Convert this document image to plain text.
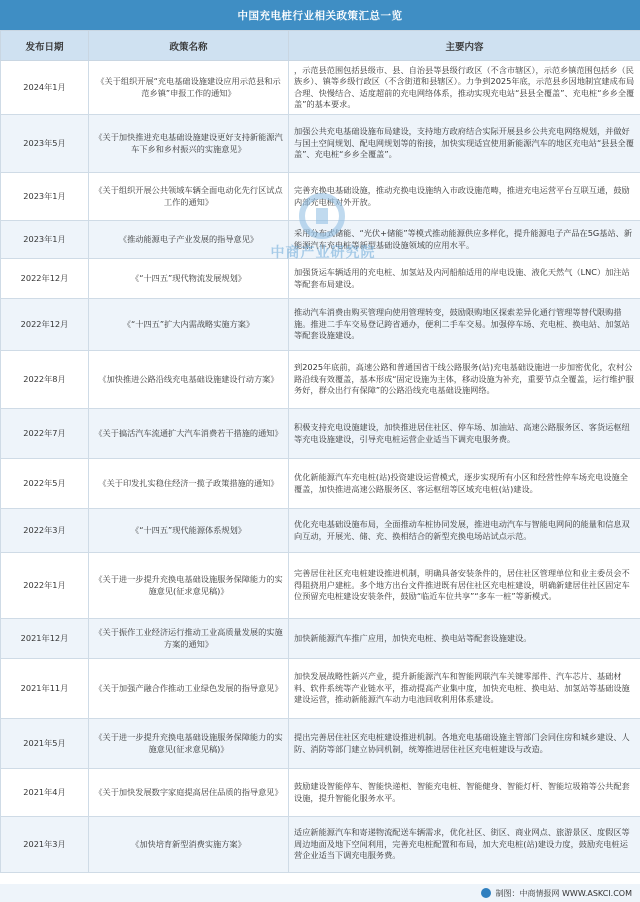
中国充电桩行业相关政策汇总一览
发布日期	政策名称	主要内容
2024年1月	《关于组织开展“充电基础设施建设应用示范县和示范乡镇”申报工作的通知》	，示范县范围包括县级市、县、自治县等县级行政区（不含市辖区），示范乡镇范围包括乡（民族乡）、镇等乡级行政区（不含街道和县辖区）。力争到2025年底，示范县乡因地制宜建成布局合理、快慢结合、适度超前的充电网络体系，推动实现充电站“县县全覆盖”、充电桩“乡乡全覆盖”的基本要求。
2023年5月	《关于加快推进充电基础设施建设更好支持新能源汽车下乡和乡村振兴的实施意见》	加强公共充电基础设施布局建设，支持地方政府结合实际开展县乡公共充电网络规划，并做好与国土空间规划、配电网规划等的衔接，加快实现适宜使用新能源汽车的地区充电站“县县全覆盖”、充电桩“乡乡全覆盖”。
2023年1月	《关于组织开展公共领域车辆全面电动化先行区试点工作的通知》	完善充换电基础设施，推动充换电设施纳入市政设施范畴，推进充电运营平台互联互通，鼓励内部充电桩对外开放。
2023年1月	《推动能源电子产业发展的指导意见》	采用分布式储能、“光伏+储能”等模式推动能源供应多样化，提升能源电子产品在5G基站、新能源汽车充电桩等新型基础设施领域的应用水平。
2022年12月	《“十四五”现代物流发展规划》	加强货运车辆适用的充电桩、加氢站及内河船舶适用的岸电设施、液化天然气（LNC）加注站等配套布局建设。
2022年12月	《“十四五”扩大内需战略实施方案》	推动汽车消费由购买管理向使用管理转变，鼓励限购地区探索差异化通行管理等替代限购措施。推进二手车交易登记跨省通办，便利二手车交易。加强停车场、充电桩、换电站、加氢站等配套设施建设。
2022年8月	《加快推进公路沿线充电基础设施建设行动方案》	到2025年底前，高速公路和普通国省干线公路服务(站)充电基础设施进一步加密优化，农村公路沿线有效覆盖，基本形成“固定设施为主体，移动设施为补充，重要节点全覆盖，运行维护服务好，群众出行有保障”的公路沿线充电基础设施网络。
2022年7月	《关于搞活汽车流通扩大汽车消费若干措施的通知》	积极支持充电设施建设，加快推进居住社区、停车场、加油站、高速公路服务区、客货运枢纽等充电设施建设，引导充电桩运营企业适当下调充电服务费。
2022年5月	《关于印发扎实稳住经济一揽子政策措施的通知》	优化新能源汽车充电桩(站)投资建设运营模式，逐步实现所有小区和经营性停车场充电设施全覆盖，加快推进高速公路服务区、客运枢纽等区域充电桩(站)建设。
2022年3月	《“十四五”现代能源体系规划》	优化充电基础设施布局，全面推动车桩协同发展，推进电动汽车与智能电网间的能量和信息双向互动，开展光、储、充、换相结合的新型充换电场站试点示范。
2022年1月	《关于进一步提升充换电基础设施服务保障能力的实施意见(征求意见稿)》	完善居住社区充电桩建设推进机制，明确具备安装条件的，居住社区管理单位和业主委员会不得阻挠用户建桩。多个地方出台文件推进既有居住社区充电桩建设，明确新建居住社区固定车位预留充电桩建设安装条件，鼓励“临近车位共享”“多车一桩”等新模式。
2021年12月	《关于振作工业经济运行推动工业高质量发展的实施方案的通知》	加快新能源汽车推广应用，加快充电桩、换电站等配套设施建设。
2021年11月	《关于加强产融合作推动工业绿色发展的指导意见》	加快发展战略性新兴产业，提升新能源汽车和智能网联汽车关键零部件、汽车芯片、基础材料、软件系统等产业链水平，推动提高产业集中度，加快充电桩、换电站、加氢站等基础设施建设运营，推动新能源汽车动力电池回收利用体系建设。
2021年5月	《关于进一步提升充换电基础设施服务保障能力的实施意见(征求意见稿)》	提出完善居住社区充电桩建设推进机制。各地充电基础设施主管部门会同住房和城乡建设、人防、消防等部门建立协同机制，统筹推进居住社区充电桩建设与改造。
2021年4月	《关于加快发展数字家庭提高居住品质的指导意见》	鼓励建设智能停车、智能快递柜、智能充电桩、智能健身、智能灯杆、智能垃圾箱等公共配套设施，提升智能化服务水平。
2021年3月	《加快培育新型消费实施方案》	适应新能源汽车和寄递物流配送车辆需求，优化社区、街区、商业网点、旅游景区、度假区等周边地面及地下空间利用，完善充电桩配置和布局，加大充电桩(站)建设力度，鼓励充电桩运营企业适当下调充电服务费。
中商产业研究院
制图：中商情报网 WWW.ASKCI.COM
